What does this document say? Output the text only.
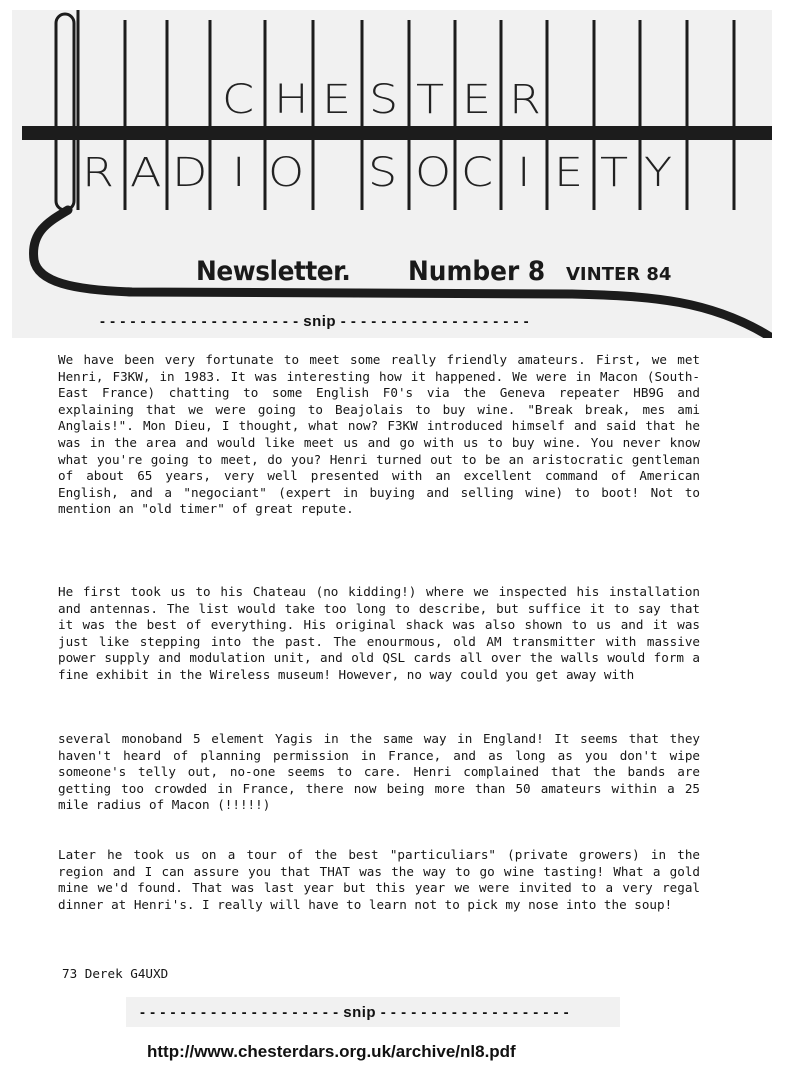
C H E S T E R
R A D I O S O C I E T Y
Newsletter. Number 8 VINTER 84
- - - - - - - - - - - - - - - - - - - - snip - - - - - - - - - - - - - - - - - - -

We have been very fortunate to meet some really friendly amateurs. First, we met Henri, F3KW, in 1983. It was interesting how it happened. We were in Macon (South-East France) chatting to some English F0's via the Geneva repeater HB9G and explaining that we were going to Beajolais to buy wine. "Break break, mes ami Anglais!". Mon Dieu, I thought, what now? F3KW introduced himself and said that he was in the area and would like meet us and go with us to buy wine. You never know what you're going to meet, do you? Henri turned out to be an aristocratic gentleman of about 65 years, very well presented with an excellent command of American English, and a "negociant" (expert in buying and selling wine) to boot! Not to mention an "old timer" of great repute.

He first took us to his Chateau (no kidding!) where we inspected his installation and antennas. The list would take too long to describe, but suffice it to say that it was the best of everything. His original shack was also shown to us and it was just like stepping into the past. The enourmous, old AM transmitter with massive power supply and modulation unit, and old QSL cards all over the walls would form a fine exhibit in the Wireless museum! However, no way could you get away with

several monoband 5 element Yagis in the same way in England! It seems that they haven't heard of planning permission in France, and as long as you don't wipe someone's telly out, no-one seems to care. Henri complained that the bands are getting too crowded in France, there now being more than 50 amateurs within a 25 mile radius of Macon (!!!!!)

Later he took us on a tour of the best "particuliars" (private growers) in the region and I can assure you that THAT was the way to go wine tasting! What a gold mine we'd found. That was last year but this year we were invited to a very regal dinner at Henri's. I really will have to learn not to pick my nose into the soup!

73 Derek G4UXD
- - - - - - - - - - - - - - - - - - - - snip - - - - - - - - - - - - - - - - - - -
http://www.chesterdars.org.uk/archive/nl8.pdf
